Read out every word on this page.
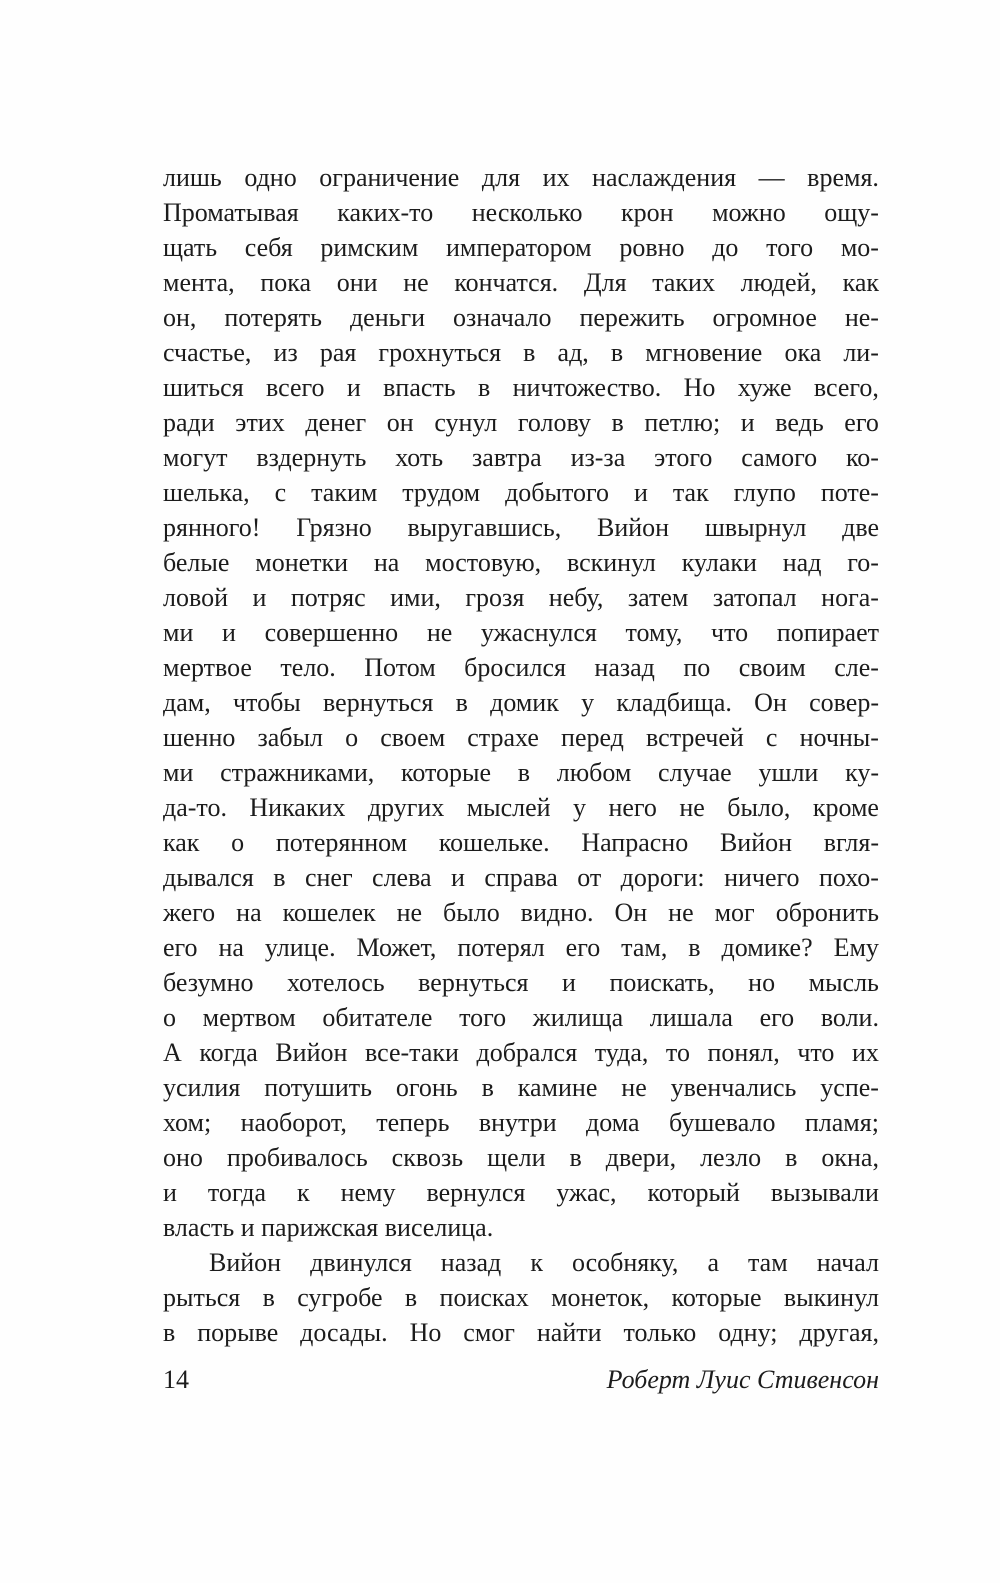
лишь одно ограничение для их наслаждения — время.
Проматывая каких-то несколько крон можно ощу-
щать себя римским императором ровно до того мо-
мента, пока они не кончатся. Для таких людей, как
он, потерять деньги означало пережить огромное не-
счастье, из рая грохнуться в ад, в мгновение ока ли-
шиться всего и впасть в ничтожество. Но хуже всего,
ради этих денег он сунул голову в петлю; и ведь его
могут вздернуть хоть завтра из-за этого самого ко-
шелька, с таким трудом добытого и так глупо поте-
рянного! Грязно выругавшись, Вийон швырнул две
белые монетки на мостовую, вскинул кулаки над го-
ловой и потряс ими, грозя небу, затем затопал нога-
ми и совершенно не ужаснулся тому, что попирает
мертвое тело. Потом бросился назад по своим сле-
дам, чтобы вернуться в домик у кладбища. Он совер-
шенно забыл о своем страхе перед встречей с ночны-
ми стражниками, которые в любом случае ушли ку-
да-то. Никаких других мыслей у него не было, кроме
как о потерянном кошельке. Напрасно Вийон вгля-
дывался в снег слева и справа от дороги: ничего похо-
жего на кошелек не было видно. Он не мог обронить
его на улице. Может, потерял его там, в домике? Ему
безумно хотелось вернуться и поискать, но мысль
о мертвом обитателе того жилища лишала его воли.
А когда Вийон все-таки добрался туда, то понял, что их
усилия потушить огонь в камине не увенчались успе-
хом; наоборот, теперь внутри дома бушевало пламя;
оно пробивалось сквозь щели в двери, лезло в окна,
и тогда к нему вернулся ужас, который вызывали
власть и парижская виселица.
Вийон двинулся назад к особняку, а там начал
рыться в сугробе в поисках монеток, которые выкинул
в порыве досады. Но смог найти только одну; другая,
14	Роберт Луис Стивенсон
